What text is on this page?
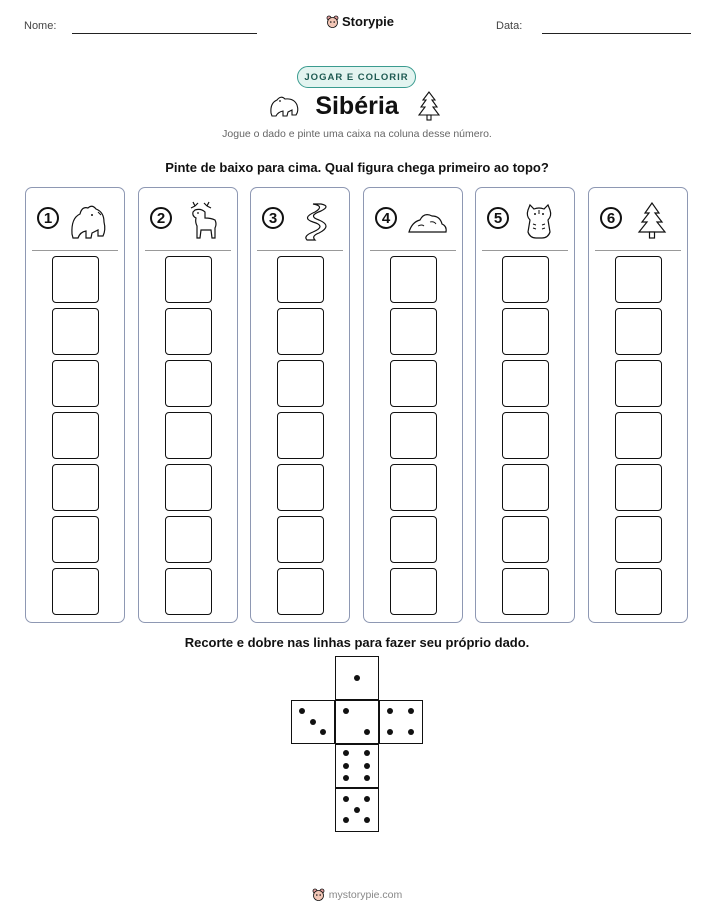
Nome:	Storypie	Data:
JOGAR E COLORIR
Sibéria
Jogue o dado e pinte uma caixa na coluna desse número.
Pinte de baixo para cima. Qual figura chega primeiro ao topo?
1	2	3	4	5	6
Recorte e dobre nas linhas para fazer seu próprio dado.
mystorypie.com
